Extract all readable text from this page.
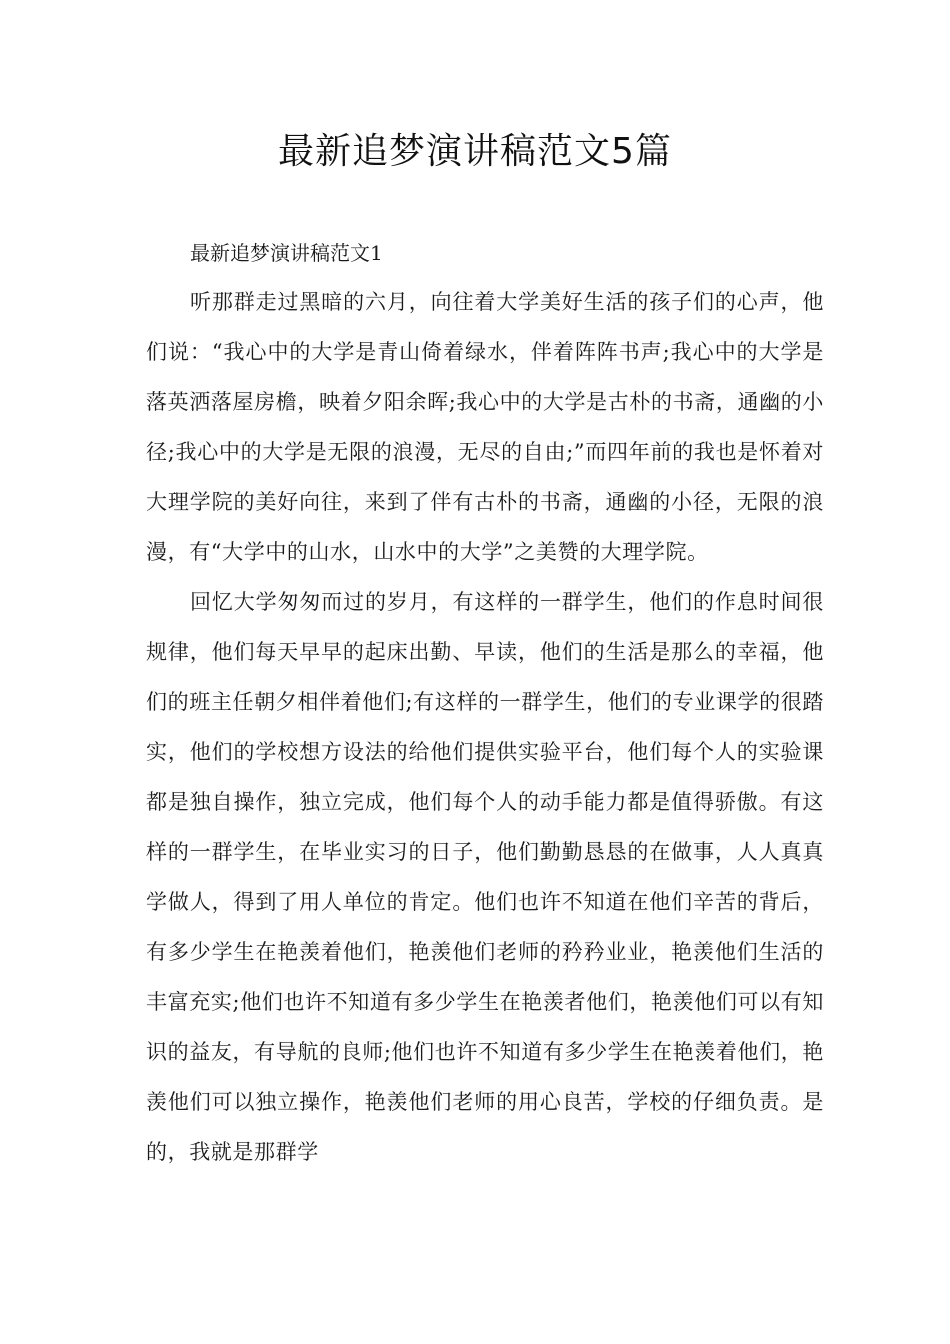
最新追梦演讲稿范文5篇
最新追梦演讲稿范文1

听那群走过黑暗的六月，向往着大学美好生活的孩子们的心声，他们说：“我心中的大学是青山倚着绿水，伴着阵阵书声;我心中的大学是落英洒落屋房檐，映着夕阳余晖;我心中的大学是古朴的书斋，通幽的小径;我心中的大学是无限的浪漫，无尽的自由;”而四年前的我也是怀着对大理学院的美好向往，来到了伴有古朴的书斋，通幽的小径，无限的浪漫，有“大学中的山水，山水中的大学”之美赞的大理学院。

回忆大学匆匆而过的岁月，有这样的一群学生，他们的作息时间很规律，他们每天早早的起床出勤、早读，他们的生活是那么的幸福，他们的班主任朝夕相伴着他们;有这样的一群学生，他们的专业课学的很踏实，他们的学校想方设法的给他们提供实验平台，他们每个人的实验课都是独自操作，独立完成，他们每个人的动手能力都是值得骄傲。有这样的一群学生，在毕业实习的日子，他们勤勤恳恳的在做事，人人真真学做人，得到了用人单位的肯定。他们也许不知道在他们辛苦的背后，有多少学生在艳羡着他们，艳羡他们老师的矜矜业业，艳羡他们生活的丰富充实;他们也许不知道有多少学生在艳羡者他们，艳羡他们可以有知识的益友，有导航的良师;他们也许不知道有多少学生在艳羡着他们，艳羡他们可以独立操作，艳羡他们老师的用心良苦，学校的仔细负责。是的，我就是那群学
